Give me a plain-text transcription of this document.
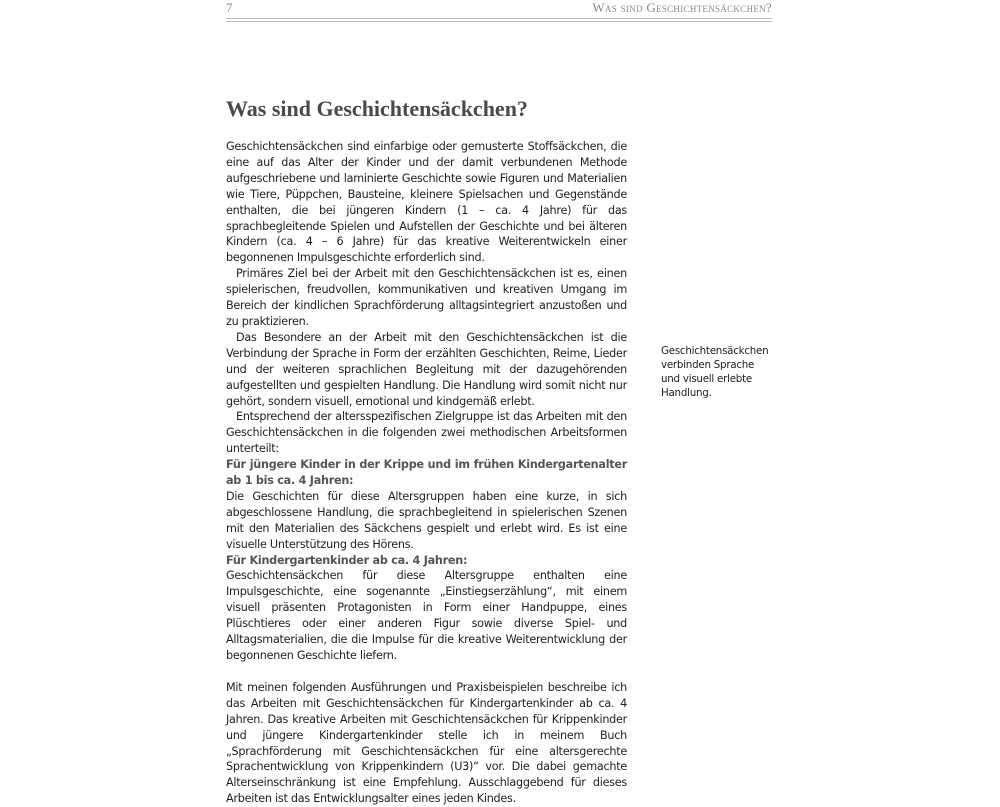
7	Was sind Geschichtensäckchen?
Was sind Geschichtensäckchen?

Geschichtensäckchen sind einfarbige oder gemusterte Stoffsäckchen, die eine auf das Alter der Kinder und der damit verbundenen Methode aufgeschriebene und laminierte Geschichte sowie Figuren und Materialien wie Tiere, Püppchen, Bausteine, kleinere Spielsachen und Gegenstände enthalten, die bei jüngeren Kindern (1 – ca. 4 Jahre) für das sprachbegleitende Spielen und Aufstellen der Geschichte und bei älteren Kindern (ca. 4 – 6 Jahre) für das kreative Weiterentwickeln einer begonnenen Impulsgeschichte erforderlich sind.

Primäres Ziel bei der Arbeit mit den Geschichtensäckchen ist es, einen spielerischen, freudvollen, kommunikativen und kreativen Umgang im Bereich der kindlichen Sprachförderung alltagsintegriert anzustoßen und zu praktizieren.

Das Besondere an der Arbeit mit den Geschichtensäckchen ist die Verbindung der Sprache in Form der erzählten Geschichten, Reime, Lieder und der weiteren sprachlichen Begleitung mit der dazugehörenden aufgestellten und gespielten Handlung. Die Handlung wird somit nicht nur gehört, sondern visuell, emotional und kindgemäß erlebt.

Entsprechend der altersspezifischen Zielgruppe ist das Arbeiten mit den Geschichtensäckchen in die folgenden zwei methodischen Arbeitsformen unterteilt:

Für jüngere Kinder in der Krippe und im frühen Kindergartenalter ab 1 bis ca. 4 Jahren:

Die Geschichten für diese Altersgruppen haben eine kurze, in sich abgeschlossene Handlung, die sprachbegleitend in spielerischen Szenen mit den Materialien des Säckchens gespielt und erlebt wird. Es ist eine visuelle Unterstützung des Hörens.

Für Kindergartenkinder ab ca. 4 Jahren:

Geschichtensäckchen für diese Altersgruppe enthalten eine Impulsgeschichte, eine sogenannte „Einstiegserzählung“, mit einem visuell präsenten Protagonisten in Form einer Handpuppe, eines Plüschtieres oder einer anderen Figur sowie diverse Spiel- und Alltagsmaterialien, die die Impulse für die kreative Weiterentwicklung der begonnenen Geschichte liefern.

Mit meinen folgenden Ausführungen und Praxisbeispielen beschreibe ich das Arbeiten mit Geschichtensäckchen für Kindergartenkinder ab ca. 4 Jahren. Das kreative Arbeiten mit Geschichtensäckchen für Krippenkinder und jüngere Kindergartenkinder stelle ich in meinem Buch „Sprachförderung mit Geschichtensäckchen für eine altersgerechte Sprachentwicklung von Krippenkindern (U3)“ vor. Die dabei gemachte Alterseinschränkung ist eine Empfehlung. Ausschlaggebend für dieses Arbeiten ist das Entwicklungsalter eines jeden Kindes.

Geschichtensäckchen verbinden Sprache und visuell erlebte Handlung.
